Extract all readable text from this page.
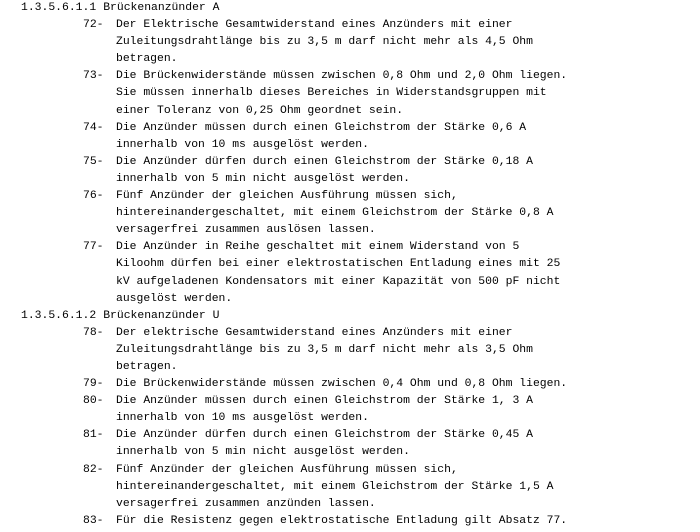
1.3.5.6.1.1 Brückenanzünder A
72-	Der Elektrische Gesamtwiderstand eines Anzünders mit einer
Zuleitungsdrahtlänge bis zu 3,5 m darf nicht mehr als 4,5 Ohm
betragen.
73-	Die Brückenwiderstände müssen zwischen 0,8 Ohm und 2,0 Ohm liegen.
Sie müssen innerhalb dieses Bereiches in Widerstandsgruppen mit
einer Toleranz von 0,25 Ohm geordnet sein.
74-	Die Anzünder müssen durch einen Gleichstrom der Stärke 0,6 A
innerhalb von 10 ms ausgelöst werden.
75-	Die Anzünder dürfen durch einen Gleichstrom der Stärke 0,18 A
innerhalb von 5 min nicht ausgelöst werden.
76-	Fünf Anzünder der gleichen Ausführung müssen sich,
hintereinandergeschaltet, mit einem Gleichstrom der Stärke 0,8 A
versagerfrei zusammen auslösen lassen.
77-	Die Anzünder in Reihe geschaltet mit einem Widerstand von 5
Kiloohm dürfen bei einer elektrostatischen Entladung eines mit 25
kV aufgeladenen Kondensators mit einer Kapazität von 500 pF nicht
ausgelöst werden.
1.3.5.6.1.2 Brückenanzünder U
78-	Der elektrische Gesamtwiderstand eines Anzünders mit einer
Zuleitungsdrahtlänge bis zu 3,5 m darf nicht mehr als 3,5 Ohm
betragen.
79-	Die Brückenwiderstände müssen zwischen 0,4 Ohm und 0,8 Ohm liegen.
80-	Die Anzünder müssen durch einen Gleichstrom der Stärke 1, 3 A
innerhalb von 10 ms ausgelöst werden.
81-	Die Anzünder dürfen durch einen Gleichstrom der Stärke 0,45 A
innerhalb von 5 min nicht ausgelöst werden.
82-	Fünf Anzünder der gleichen Ausführung müssen sich,
hintereinandergeschaltet, mit einem Gleichstrom der Stärke 1,5 A
versagerfrei zusammen anzünden lassen.
83-	Für die Resistenz gegen elektrostatische Entladung gilt Absatz 77.
